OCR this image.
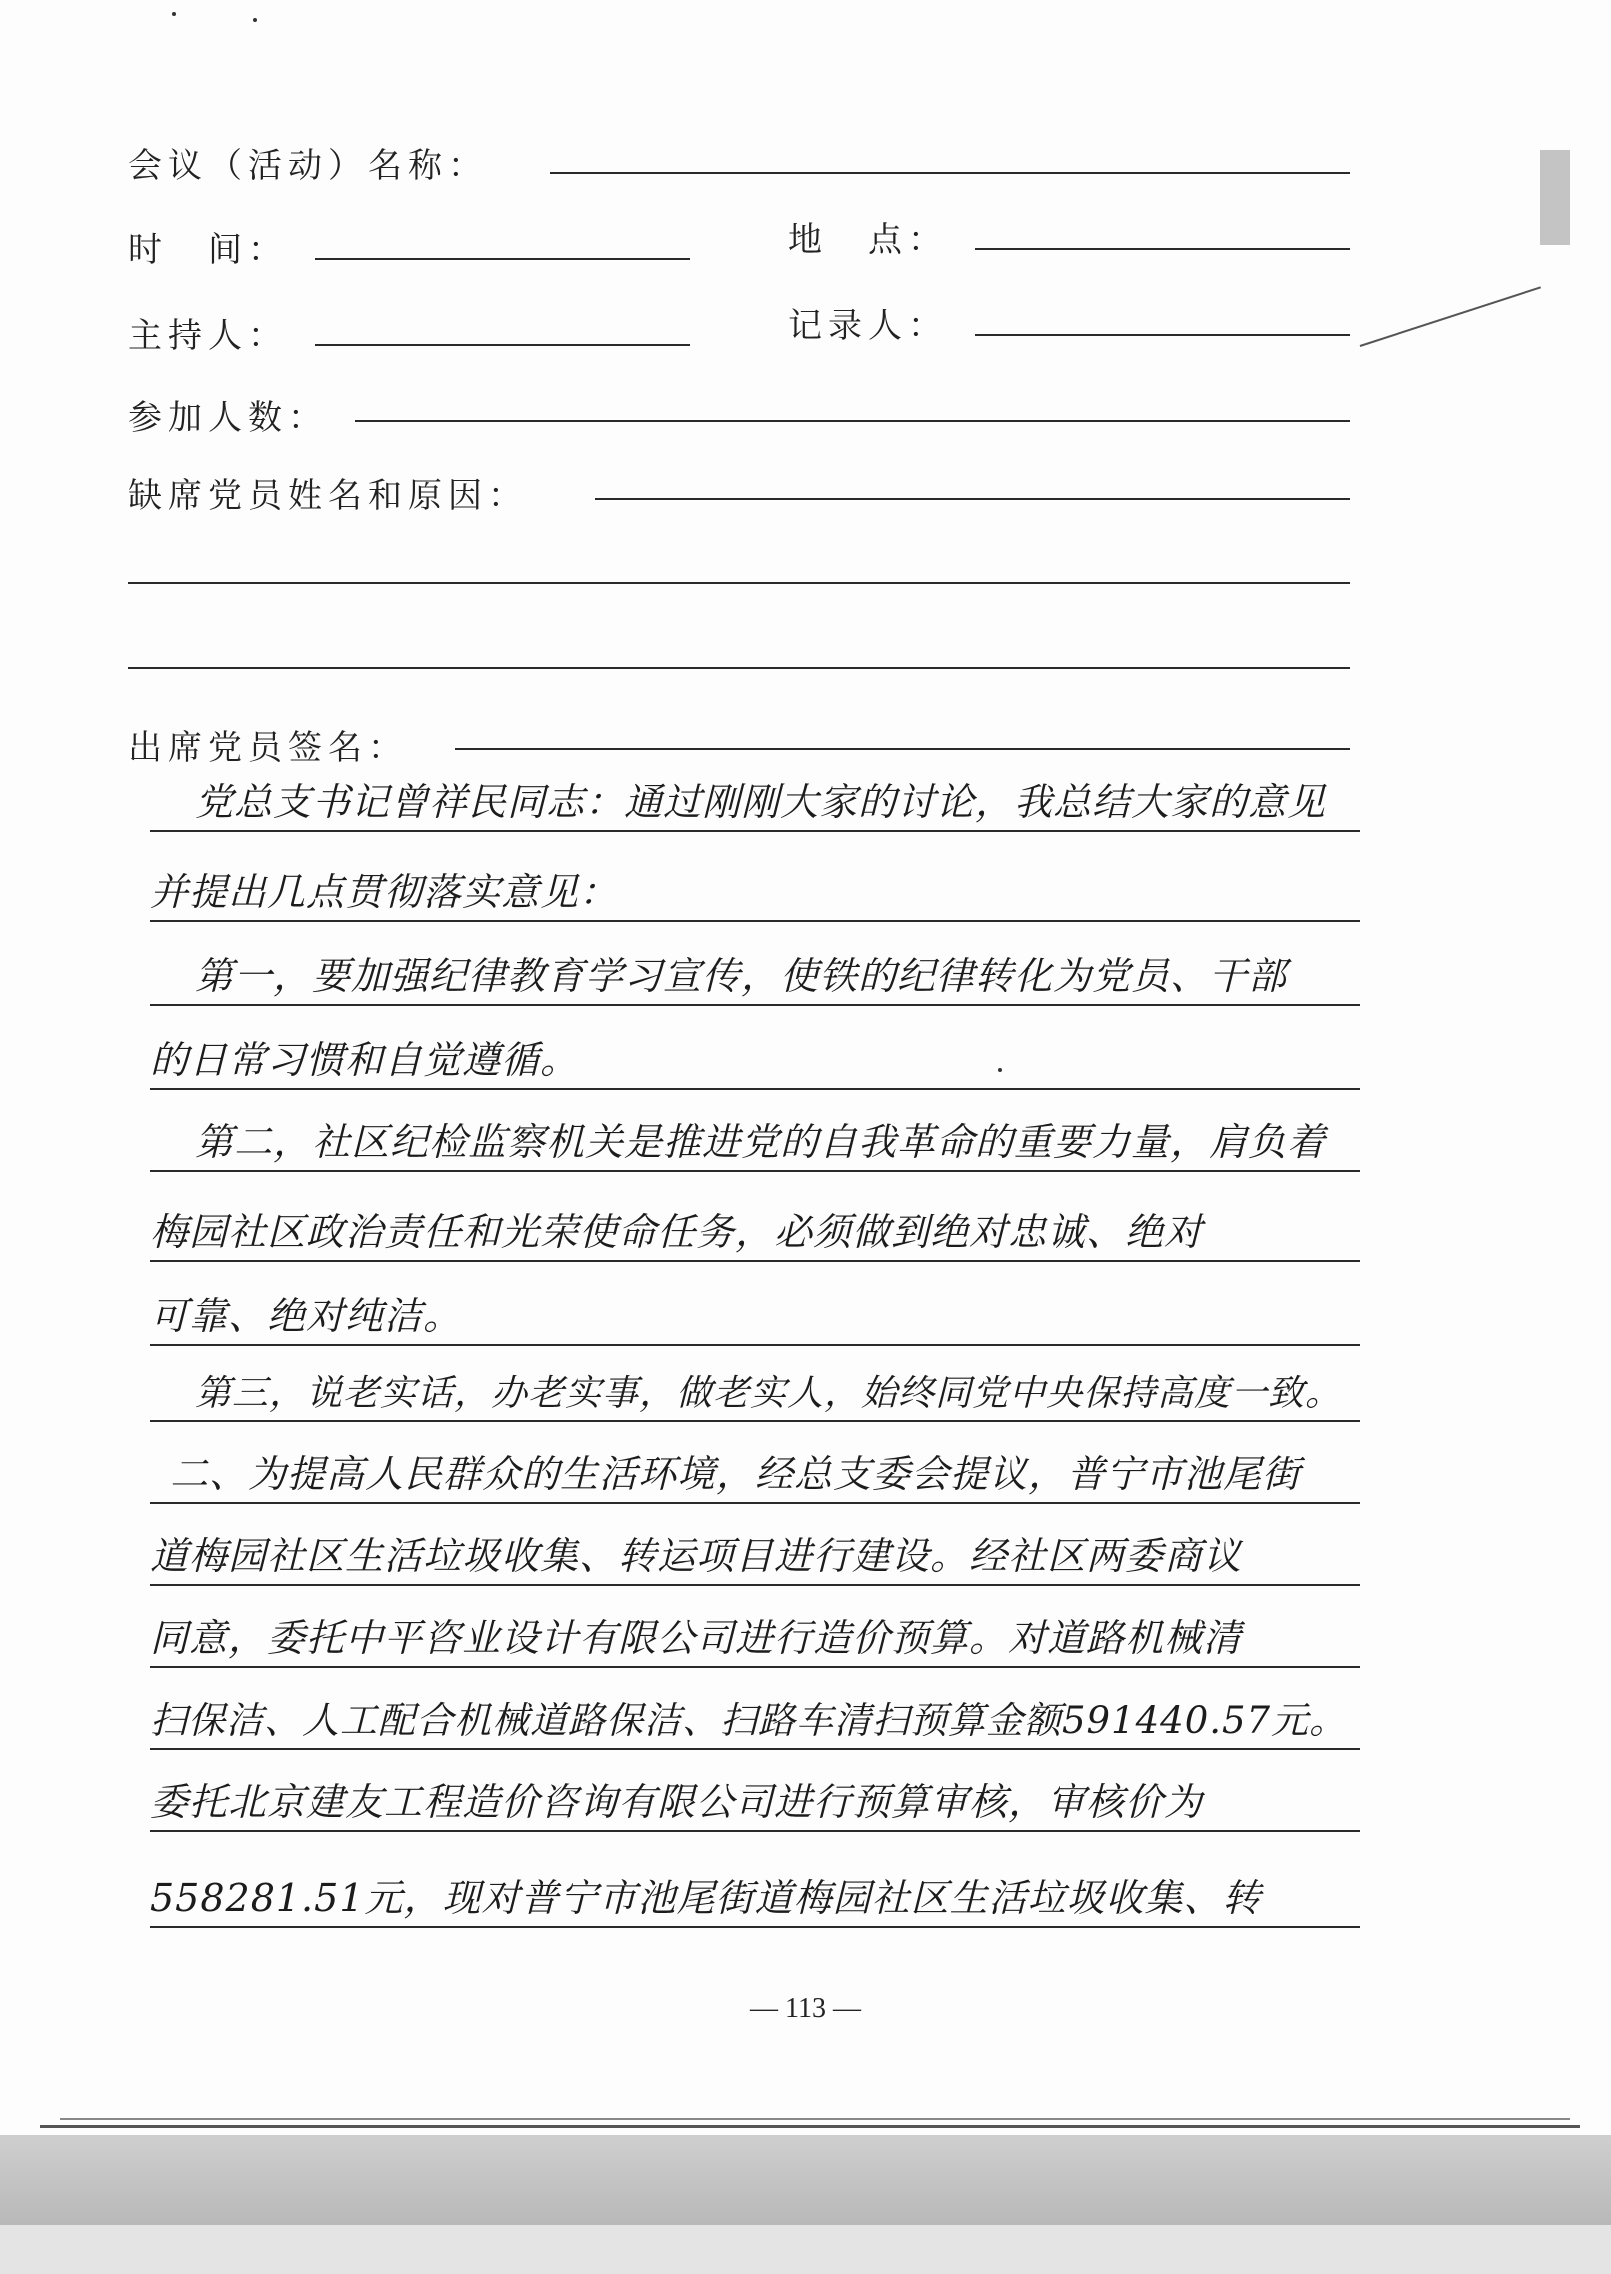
会议（活动）名称：
时　间：	地　点：
主持人：	记录人：
参加人数：
缺席党员姓名和原因：
出席党员签名：
党总支书记曾祥民同志：通过刚刚大家的讨论，我总结大家的意见
并提出几点贯彻落实意见：
第一，要加强纪律教育学习宣传，使铁的纪律转化为党员、干部
的日常习惯和自觉遵循。
第二，社区纪检监察机关是推进党的自我革命的重要力量，肩负着
梅园社区政治责任和光荣使命任务，必须做到绝对忠诚、绝对
可靠、绝对纯洁。
第三，说老实话，办老实事，做老实人，始终同党中央保持高度一致。
二、为提高人民群众的生活环境，经总支委会提议，普宁市池尾街
道梅园社区生活垃圾收集、转运项目进行建设。经社区两委商议
同意，委托中平咨业设计有限公司进行造价预算。对道路机械清
扫保洁、人工配合机械道路保洁、扫路车清扫预算金额591440.57元。
委托北京建友工程造价咨询有限公司进行预算审核，审核价为
558281.51元，现对普宁市池尾街道梅园社区生活垃圾收集、转
— 113 —
